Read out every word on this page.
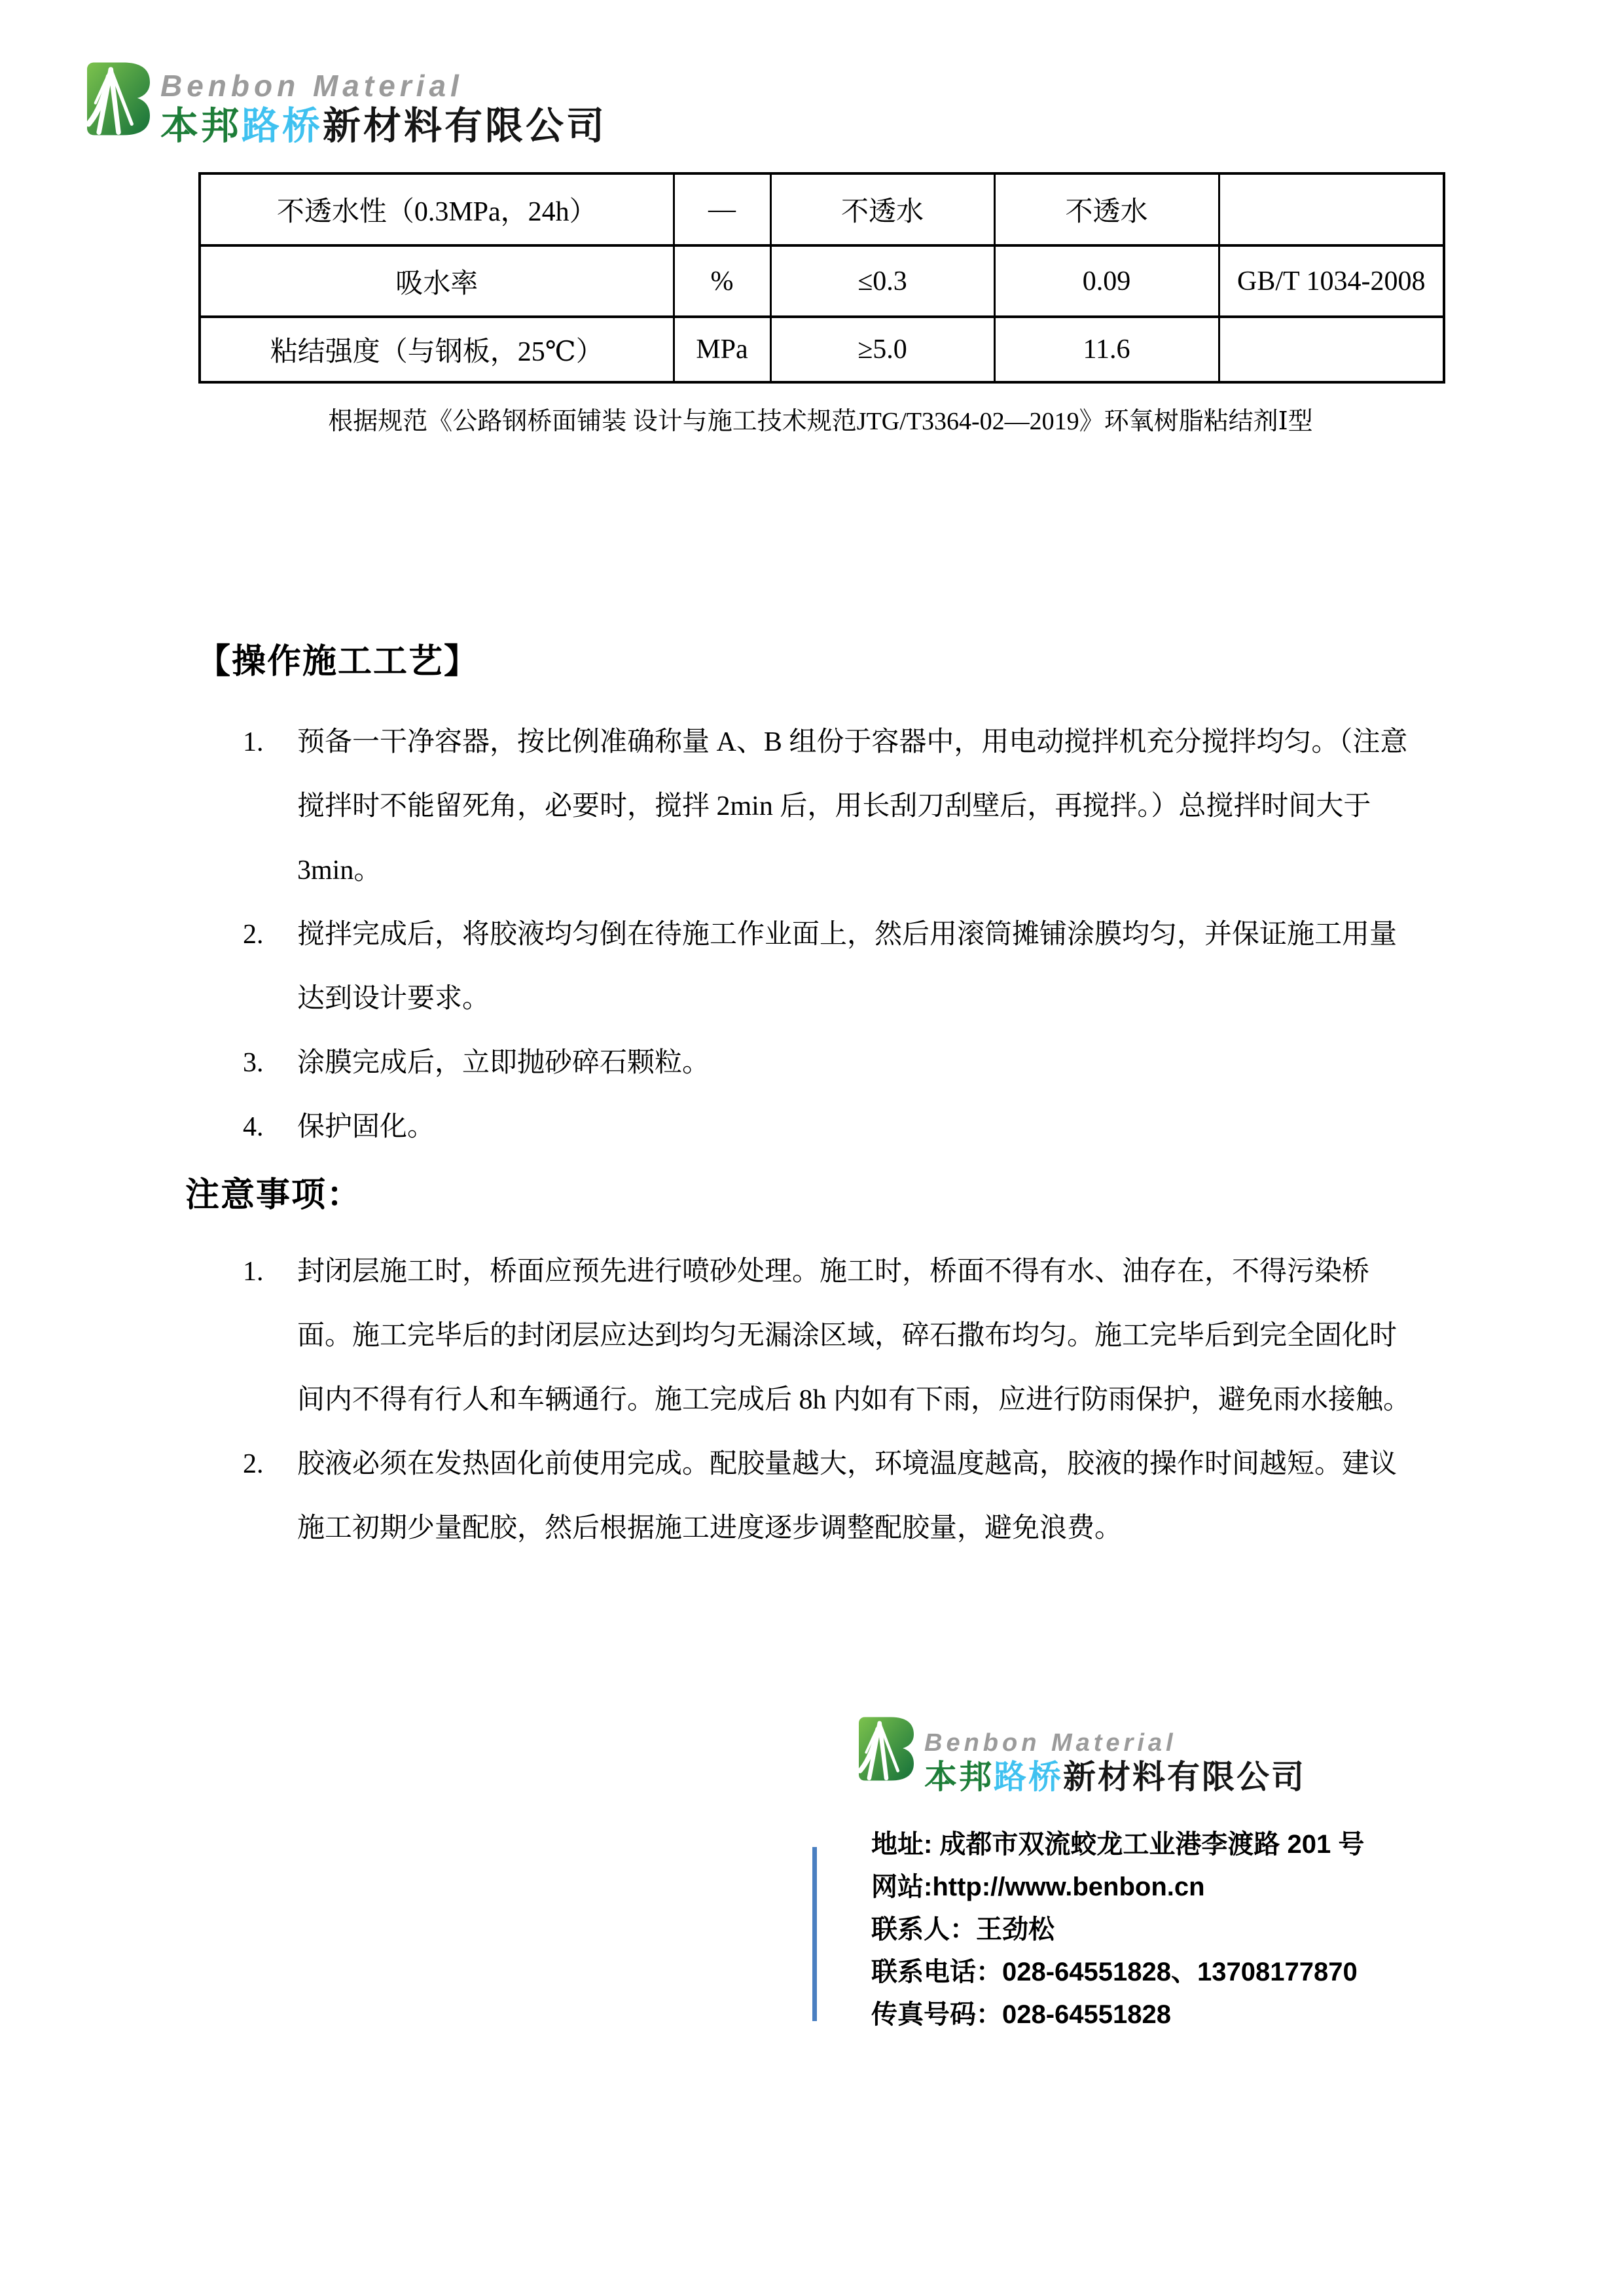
Benbon Material
本邦路桥新材料有限公司
不透水性（0.3MPa，24h）	—	不透水	不透水	
吸水率	%	≤0.3	0.09	GB/T 1034-2008
粘结强度（与钢板，25℃）	MPa	≥5.0	11.6	
根据规范《公路钢桥面铺装 设计与施工技术规范JTG/T3364-02—2019》环氧树脂粘结剂Ⅰ型
【操作施工工艺】
1.	预备一干净容器，按比例准确称量 A、B 组份于容器中，用电动搅拌机充分搅拌均匀。（注意搅拌时不能留死角，必要时，搅拌 2min 后，用长刮刀刮壁后，再搅拌。）总搅拌时间大于 3min。
2.	搅拌完成后，将胶液均匀倒在待施工作业面上，然后用滚筒摊铺涂膜均匀，并保证施工用量达到设计要求。
3.	涂膜完成后，立即抛砂碎石颗粒。
4.	保护固化。
注意事项：
1.	封闭层施工时，桥面应预先进行喷砂处理。施工时，桥面不得有水、油存在，不得污染桥面。施工完毕后的封闭层应达到均匀无漏涂区域，碎石撒布均匀。施工完毕后到完全固化时间内不得有行人和车辆通行。施工完成后 8h 内如有下雨，应进行防雨保护，避免雨水接触。
2.	胶液必须在发热固化前使用完成。配胶量越大，环境温度越高，胶液的操作时间越短。建议施工初期少量配胶，然后根据施工进度逐步调整配胶量，避免浪费。
Benbon Material
本邦路桥新材料有限公司
地址: 成都市双流蛟龙工业港李渡路 201 号
网站:http://www.benbon.cn
联系人：王劲松
联系电话：028-64551828、13708177870
传真号码：028-64551828
